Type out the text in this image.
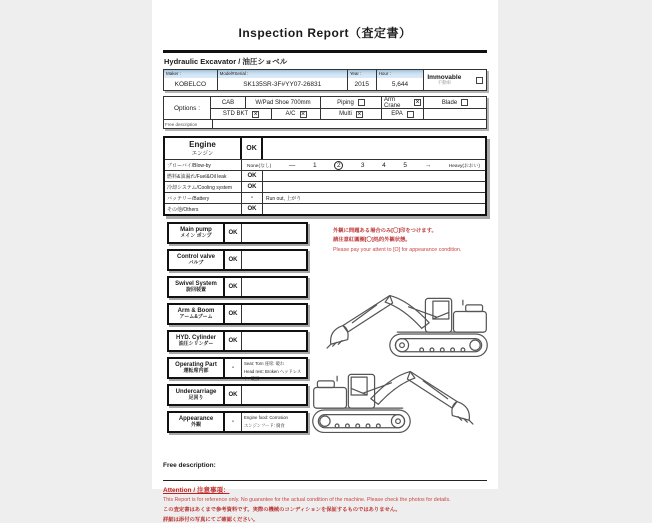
Inspection Report（査定書）
Hydraulic Excavator / 油圧ショベル
Maker :
KOBELCO
Model#Serial :
SK135SR-3F#YY07-26831
Year :
2015
Hour :
5,644
Immovable
不動車
Options :
CAB	W/Pad Shoe 700mm	Piping	Arm Crane	×	Blade
STD BKT ×	A/C ×	Multi ×	EPA
Free description
Engine
エンジン
OK
ブローバイ/Blow-by	None(なし)	—	1	2	3	4	5	→	Heavy(おおい)
燃料&油漏れ/Fuel&Oil leak	OK
冷却システム/Cooling system	OK
バッテリー/Battery	-	Run out, 上がり
その他/Others	OK
Main pump
メイン ポンプ	OK
Control valve
バルブ	OK
Swivel System
旋回装置	OK
Arm & Boom
アーム&ブーム	OK
HYD. Cylinder
油圧シリンダー	OK
Operating Part
運転席内部	-
Seat: Torn 座席: 破れ
Head rest: Broken ヘッドレスト: 破損
Undercarriage
足回り	OK
Appearance
外観	-
Engine food: Corrosion
エンジンフード: 腐食
外観に問題ある場合のみ[〇]印をつけます。
請注意紅圓圈[〇]処的外観状態。
Please pay your attent to [O] for appearance condition.
Free description:
Attention / 注意事項：
This Report is for reference only. No guarantee for the actual condition of the machine. Please check the photos for details.
この査定書はあくまで参考資料です。実際の機械のコンディションを保証するものではありません。
詳細は添付の写真にてご確認ください。
